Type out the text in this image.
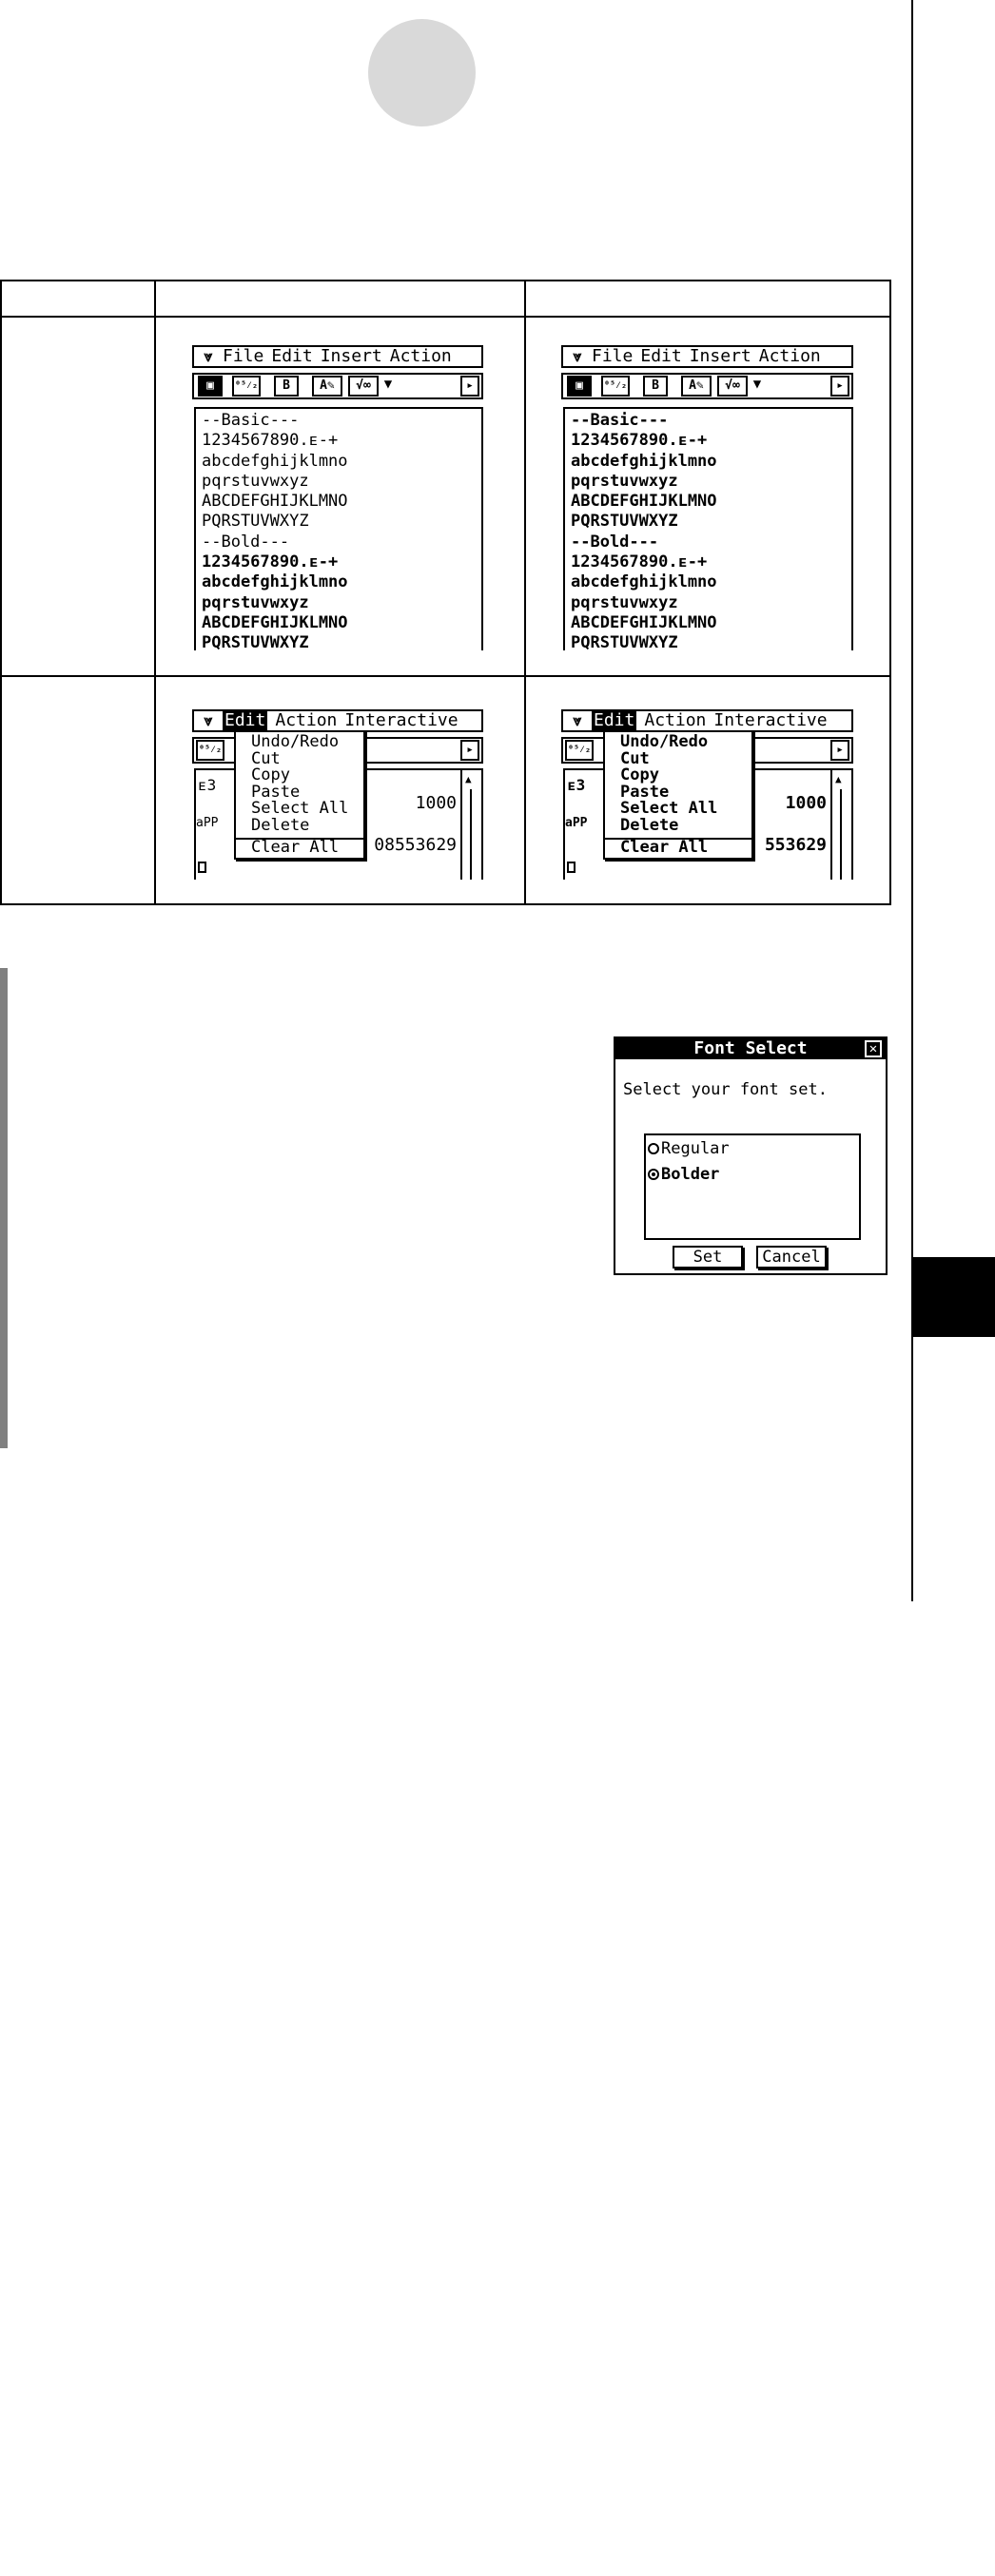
⩔ File Edit Insert Action
▣	⁰⁵⁄₂	B	A✎	√∞ ▼	▸
--Basic---
1234567890.ᴇ-+
abcdefghijklmno
pqrstuvwxyz
ABCDEFGHIJKLMNO
PQRSTUVWXYZ
--Bold---
1234567890.ᴇ-+
abcdefghijklmno
pqrstuvwxyz
ABCDEFGHIJKLMNO
PQRSTUVWXYZ
⩔ File Edit Insert Action
▣	⁰⁵⁄₂	B	A✎	√∞ ▼	▸
--Basic---
1234567890.ᴇ-+
abcdefghijklmno
pqrstuvwxyz
ABCDEFGHIJKLMNO
PQRSTUVWXYZ
--Bold---
1234567890.ᴇ-+
abcdefghijklmno
pqrstuvwxyz
ABCDEFGHIJKLMNO
PQRSTUVWXYZ
⩔ Edit Action Interactive
⁰⁵⁄₂	▸
ᴇ3
aPP
1000
08553629
▲
Undo/Redo
Cut
Copy
Paste
Select All
Delete
Clear All
⩔ Edit Action Interactive
⁰⁵⁄₂	▸
ᴇ3
aPP
1000
553629
▲
Undo/Redo
Cut
Copy
Paste
Select All
Delete
Clear All
Font Select	✕
Select your font set.
Regular
Bolder
Set	Cancel
